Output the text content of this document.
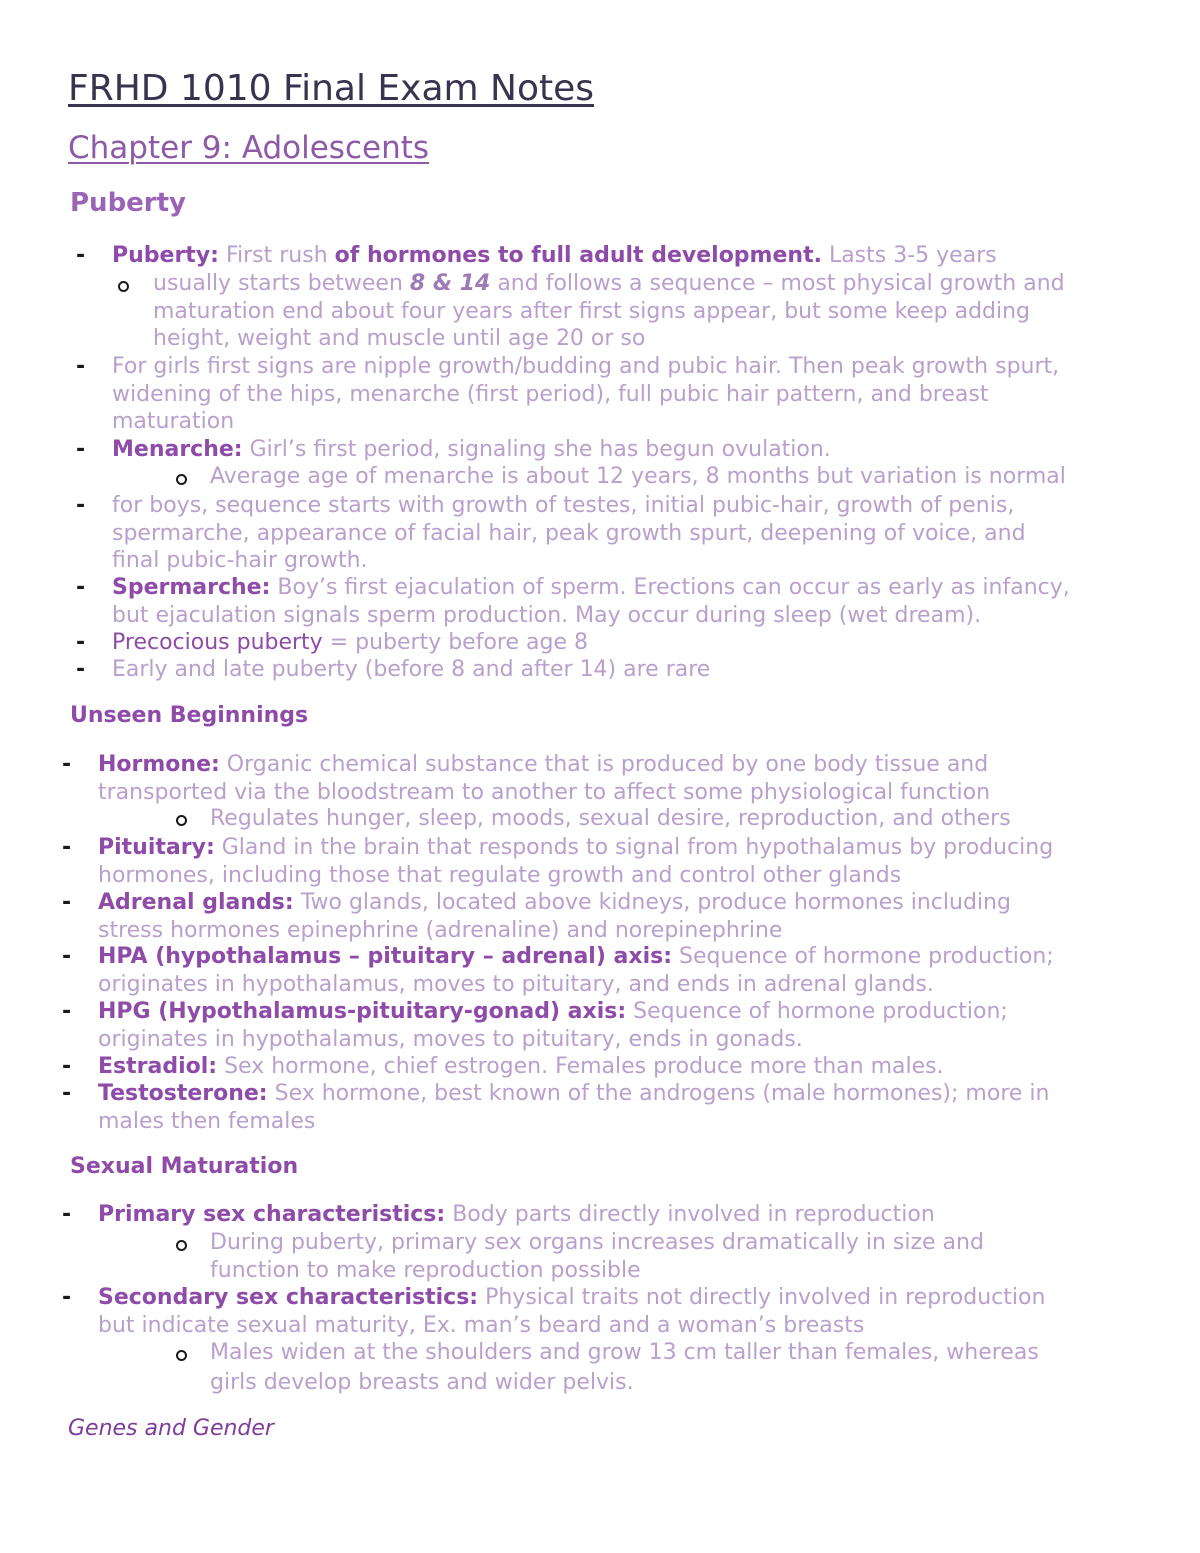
FRHD 1010 Final Exam Notes
Chapter 9: Adolescents
Puberty
- Puberty: First rush of hormones to full adult development. Lasts 3-5 years
usually starts between 8 & 14 and follows a sequence – most physical growth and
maturation end about four years after first signs appear, but some keep adding
height, weight and muscle until age 20 or so
- For girls first signs are nipple growth/budding and pubic hair. Then peak growth spurt,
widening of the hips, menarche (first period), full pubic hair pattern, and breast
maturation
- Menarche: Girl’s first period, signaling she has begun ovulation.
Average age of menarche is about 12 years, 8 months but variation is normal
- for boys, sequence starts with growth of testes, initial pubic-hair, growth of penis,
spermarche, appearance of facial hair, peak growth spurt, deepening of voice, and
final pubic-hair growth.
- Spermarche: Boy’s first ejaculation of sperm. Erections can occur as early as infancy,
but ejaculation signals sperm production. May occur during sleep (wet dream).
- Precocious puberty = puberty before age 8
- Early and late puberty (before 8 and after 14) are rare
Unseen Beginnings
- Hormone: Organic chemical substance that is produced by one body tissue and
transported via the bloodstream to another to affect some physiological function
Regulates hunger, sleep, moods, sexual desire, reproduction, and others
- Pituitary: Gland in the brain that responds to signal from hypothalamus by producing
hormones, including those that regulate growth and control other glands
- Adrenal glands: Two glands, located above kidneys, produce hormones including
stress hormones epinephrine (adrenaline) and norepinephrine
- HPA (hypothalamus – pituitary – adrenal) axis: Sequence of hormone production;
originates in hypothalamus, moves to pituitary, and ends in adrenal glands.
- HPG (Hypothalamus-pituitary-gonad) axis: Sequence of hormone production;
originates in hypothalamus, moves to pituitary, ends in gonads.
- Estradiol: Sex hormone, chief estrogen. Females produce more than males.
- Testosterone: Sex hormone, best known of the androgens (male hormones); more in
males then females
Sexual Maturation
- Primary sex characteristics: Body parts directly involved in reproduction
During puberty, primary sex organs increases dramatically in size and
function to make reproduction possible
- Secondary sex characteristics: Physical traits not directly involved in reproduction
but indicate sexual maturity, Ex. man’s beard and a woman’s breasts
Males widen at the shoulders and grow 13 cm taller than females, whereas
girls develop breasts and wider pelvis.
Genes and Gender
